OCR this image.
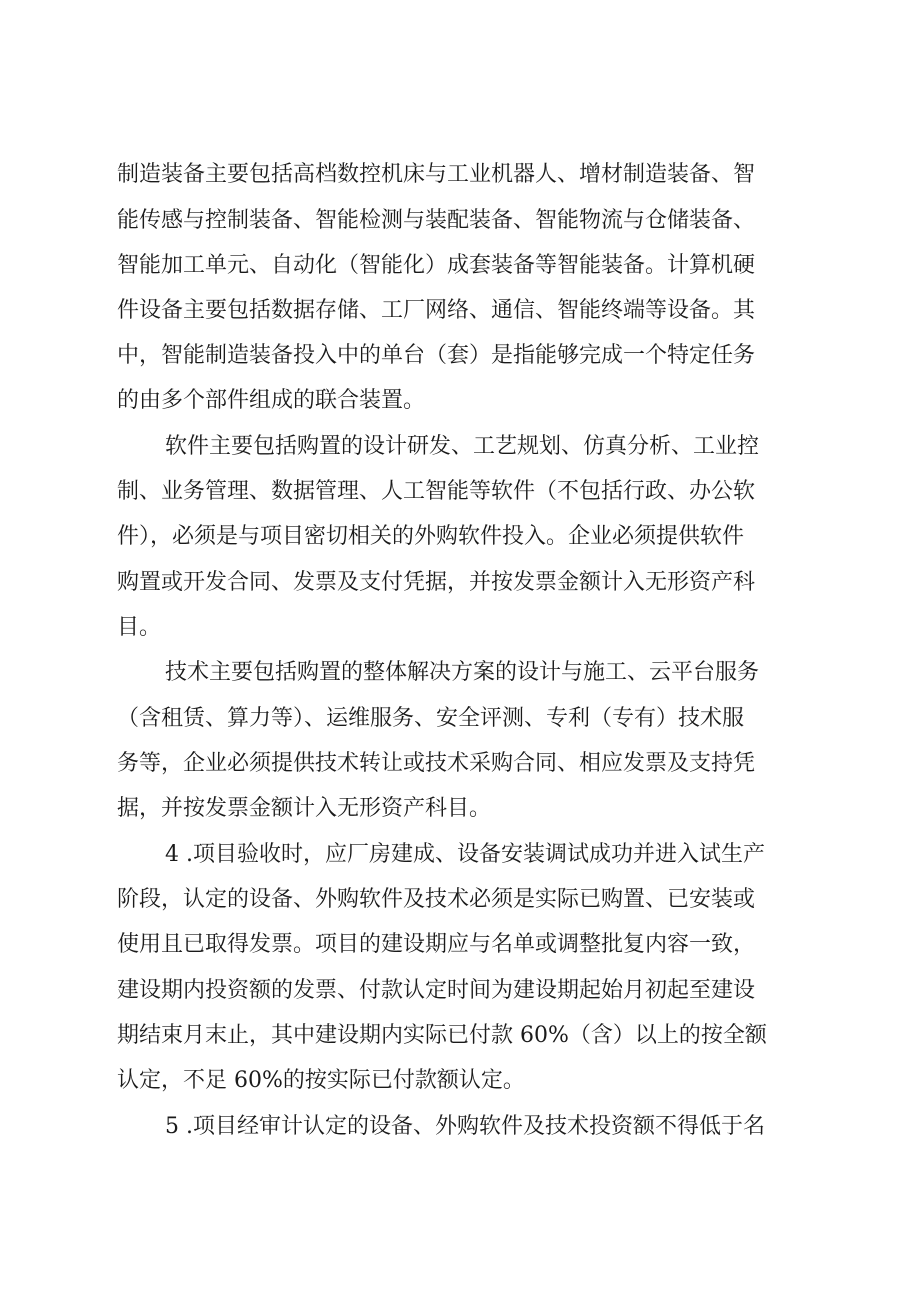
制造装备主要包括高档数控机床与工业机器人、增材制造装备、智
能传感与控制装备、智能检测与装配装备、智能物流与仓储装备、
智能加工单元、自动化（智能化）成套装备等智能装备。计算机硬
件设备主要包括数据存储、工厂网络、通信、智能终端等设备。其
中，智能制造装备投入中的单台（套）是指能够完成一个特定任务
的由多个部件组成的联合装置。
软件主要包括购置的设计研发、工艺规划、仿真分析、工业控
制、业务管理、数据管理、人工智能等软件（不包括行政、办公软
件），必须是与项目密切相关的外购软件投入。企业必须提供软件
购置或开发合同、发票及支付凭据，并按发票金额计入无形资产科
目。
技术主要包括购置的整体解决方案的设计与施工、云平台服务
（含租赁、算力等）、运维服务、安全评测、专利（专有）技术服
务等，企业必须提供技术转让或技术采购合同、相应发票及支持凭
据，并按发票金额计入无形资产科目。
4 .项目验收时，应厂房建成、设备安装调试成功并进入试生产
阶段，认定的设备、外购软件及技术必须是实际已购置、已安装或
使用且已取得发票。项目的建设期应与名单或调整批复内容一致，
建设期内投资额的发票、付款认定时间为建设期起始月初起至建设
期结束月末止，其中建设期内实际已付款 60%（含）以上的按全额
认定，不足 60%的按实际已付款额认定。
5 .项目经审计认定的设备、外购软件及技术投资额不得低于名
